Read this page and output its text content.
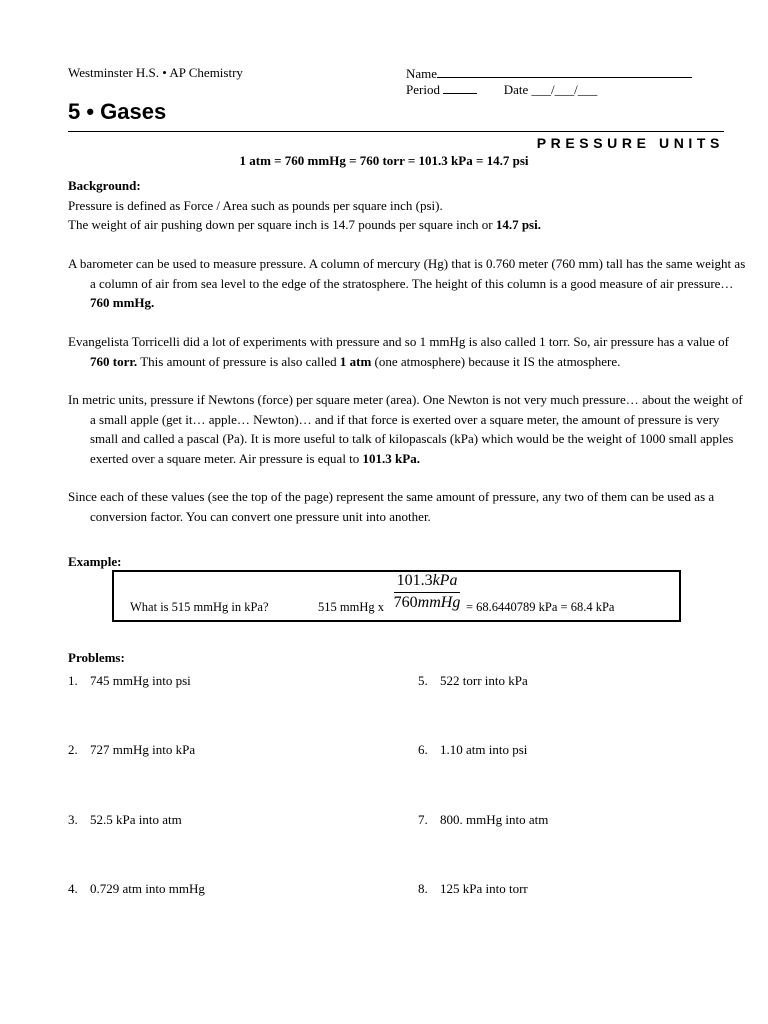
Westminster H.S. • AP Chemistry	Name
Period	Date ___/___/___
5 • Gases
PRESSURE UNITS
1 atm = 760 mmHg = 760 torr = 101.3 kPa = 14.7 psi
Background:
Pressure is defined as Force / Area such as pounds per square inch (psi).
The weight of air pushing down per square inch is 14.7 pounds per square inch or 14.7 psi.
A barometer can be used to measure pressure. A column of mercury (Hg) that is 0.760 meter (760 mm) tall has the same weight as a column of air from sea level to the edge of the stratosphere. The height of this column is a good measure of air pressure… 760 mmHg.
Evangelista Torricelli did a lot of experiments with pressure and so 1 mmHg is also called 1 torr. So, air pressure has a value of 760 torr. This amount of pressure is also called 1 atm (one atmosphere) because it IS the atmosphere.
In metric units, pressure if Newtons (force) per square meter (area). One Newton is not very much pressure… about the weight of a small apple (get it… apple… Newton)… and if that force is exerted over a square meter, the amount of pressure is very small and called a pascal (Pa). It is more useful to talk of kilopascals (kPa) which would be the weight of 1000 small apples exerted over a square meter. Air pressure is equal to 101.3 kPa.
Since each of these values (see the top of the page) represent the same amount of pressure, any two of them can be used as a conversion factor. You can convert one pressure unit into another.
Example:
What is 515 mmHg in kPa?	515 mmHg x
101.3kPa
760mmHg = 68.6440789 kPa = 68.4 kPa
Problems:
1. 745 mmHg into psi
2. 727 mmHg into kPa
3. 52.5 kPa into atm
4. 0.729 atm into mmHg
5. 522 torr into kPa
6. 1.10 atm into psi
7. 800. mmHg into atm
8. 125 kPa into torr
